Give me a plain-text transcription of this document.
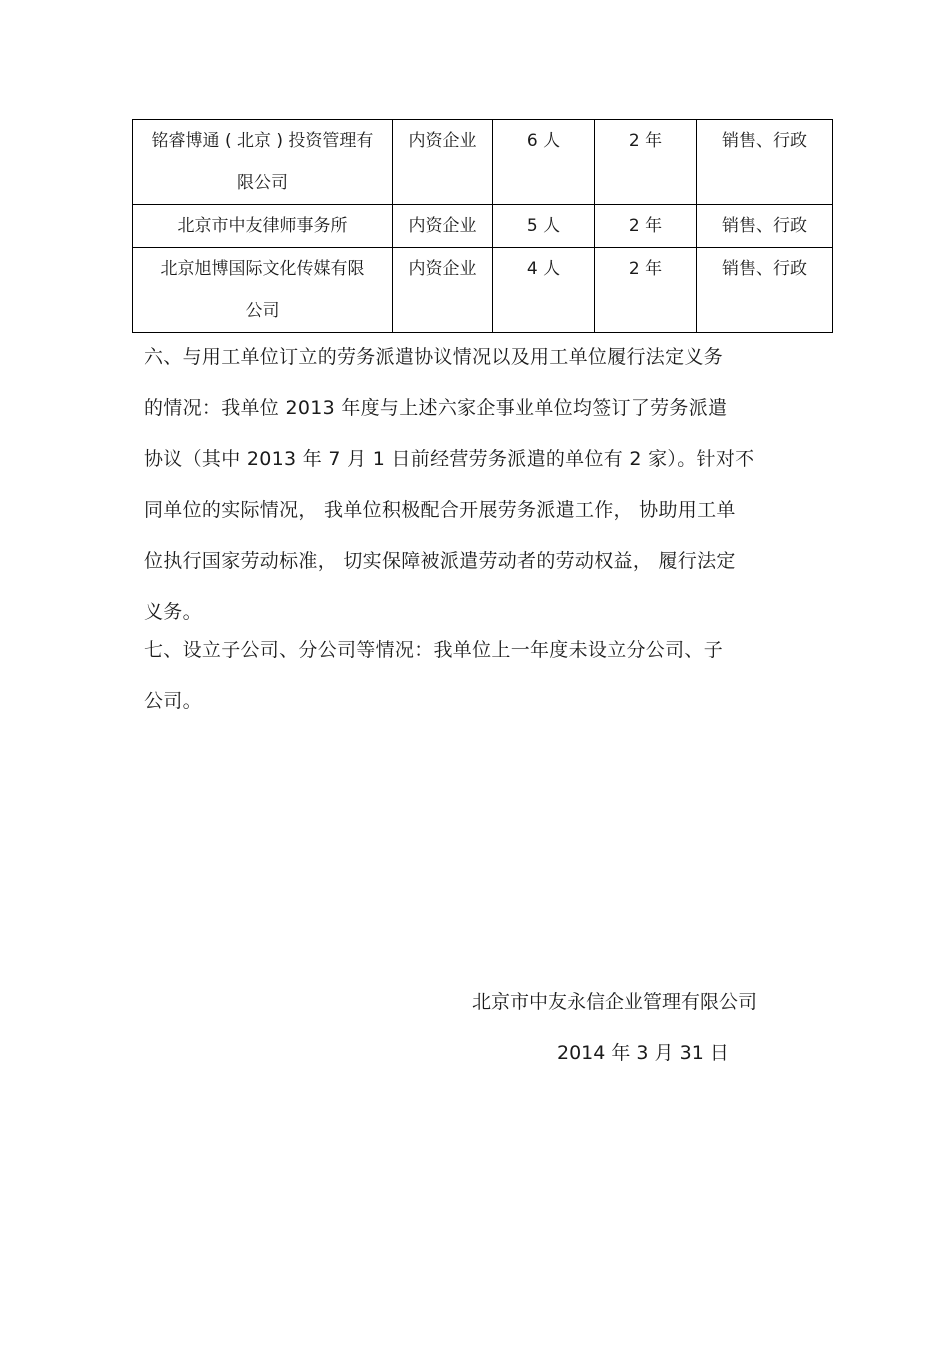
铭睿博通 ( 北京 ) 投资管理有
限公司	内资企业	6 人	2 年	销售、行政

北京市中友律师事务所	内资企业	5 人	2 年	销售、行政

北京旭博国际文化传媒有限
公司	内资企业	4 人	2 年	销售、行政
六、与用工单位订立的劳务派遣协议情况以及用工单位履行法定义务
的情况：我单位 2013 年度与上述六家企事业单位均签订了劳务派遣
协议（其中 2013 年 7 月 1 日前经营劳务派遣的单位有 2 家）。针对不
同单位的实际情况， 我单位积极配合开展劳务派遣工作， 协助用工单
位执行国家劳动标准， 切实保障被派遣劳动者的劳动权益， 履行法定
义务。
七、设立子公司、分公司等情况：我单位上一年度未设立分公司、子
公司。
北京市中友永信企业管理有限公司
2014 年 3 月 31 日
